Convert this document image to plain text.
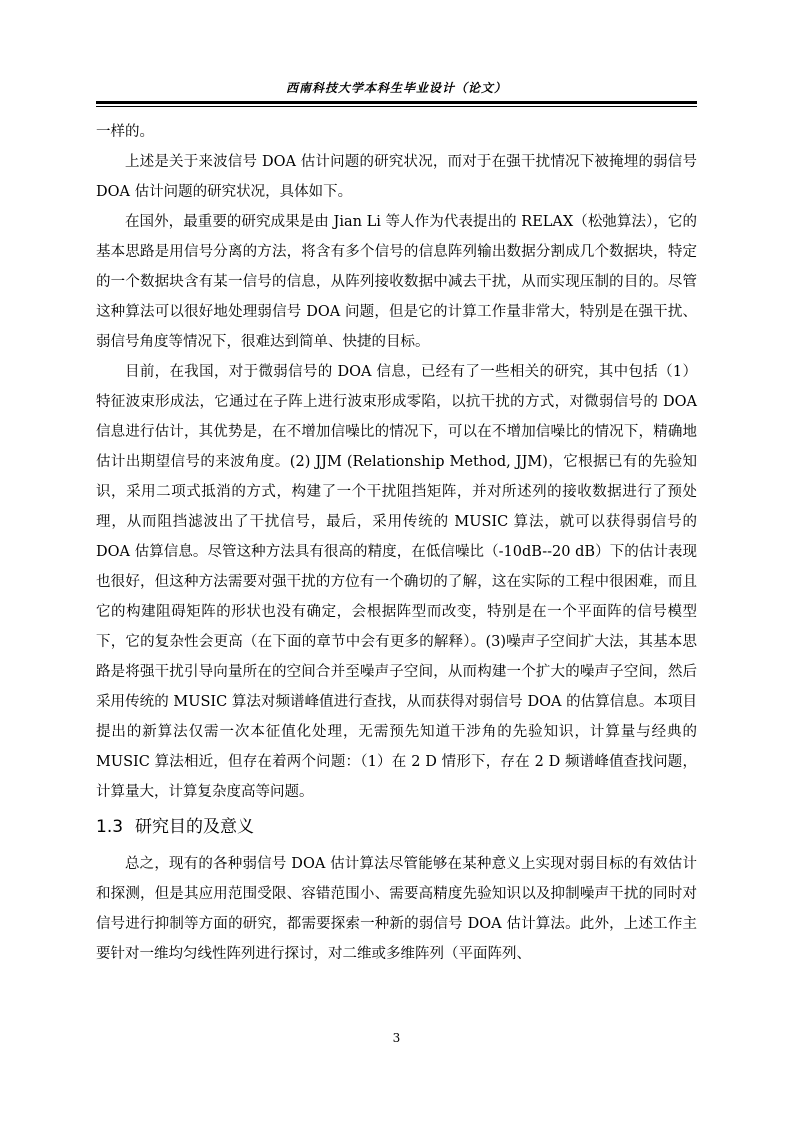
西南科技大学本科生毕业设计（论文）

一样的。

上述是关于来波信号 DOA 估计问题的研究状况，而对于在强干扰情况下被掩埋的弱信号 DOA 估计问题的研究状况，具体如下。

在国外，最重要的研究成果是由 Jian Li 等人作为代表提出的 RELAX（松弛算法），它的基本思路是用信号分离的方法，将含有多个信号的信息阵列输出数据分割成几个数据块，特定的一个数据块含有某一信号的信息，从阵列接收数据中减去干扰，从而实现压制的目的。尽管这种算法可以很好地处理弱信号 DOA 问题，但是它的计算工作量非常大，特别是在强干扰、弱信号角度等情况下，很难达到简单、快捷的目标。

目前，在我国，对于微弱信号的 DOA 信息，已经有了一些相关的研究，其中包括（1）特征波束形成法，它通过在子阵上进行波束形成零陷，以抗干扰的方式，对微弱信号的 DOA 信息进行估计，其优势是，在不增加信噪比的情况下，可以在不增加信噪比的情况下，精确地估计出期望信号的来波角度。(2) JJM (Relationship Method, JJM)，它根据已有的先验知识，采用二项式抵消的方式，构建了一个干扰阻挡矩阵，并对所述列的接收数据进行了预处理，从而阻挡滤波出了干扰信号，最后，采用传统的 MUSIC 算法，就可以获得弱信号的 DOA 估算信息。尽管这种方法具有很高的精度，在低信噪比（-10dB--20 dB）下的估计表现也很好，但这种方法需要对强干扰的方位有一个确切的了解，这在实际的工程中很困难，而且它的构建阻碍矩阵的形状也没有确定，会根据阵型而改变，特别是在一个平面阵的信号模型下，它的复杂性会更高（在下面的章节中会有更多的解释）。(3)噪声子空间扩大法，其基本思路是将强干扰引导向量所在的空间合并至噪声子空间，从而构建一个扩大的噪声子空间，然后采用传统的 MUSIC 算法对频谱峰值进行查找，从而获得对弱信号 DOA 的估算信息。本项目提出的新算法仅需一次本征值化处理，无需预先知道干涉角的先验知识，计算量与经典的 MUSIC 算法相近，但存在着两个问题：（1）在 2 D 情形下，存在 2 D 频谱峰值查找问题，计算量大，计算复杂度高等问题。

1.3 研究目的及意义

总之，现有的各种弱信号 DOA 估计算法尽管能够在某种意义上实现对弱目标的有效估计和探测，但是其应用范围受限、容错范围小、需要高精度先验知识以及抑制噪声干扰的同时对信号进行抑制等方面的研究，都需要探索一种新的弱信号 DOA 估计算法。此外，上述工作主要针对一维均匀线性阵列进行探讨，对二维或多维阵列（平面阵列、

3
